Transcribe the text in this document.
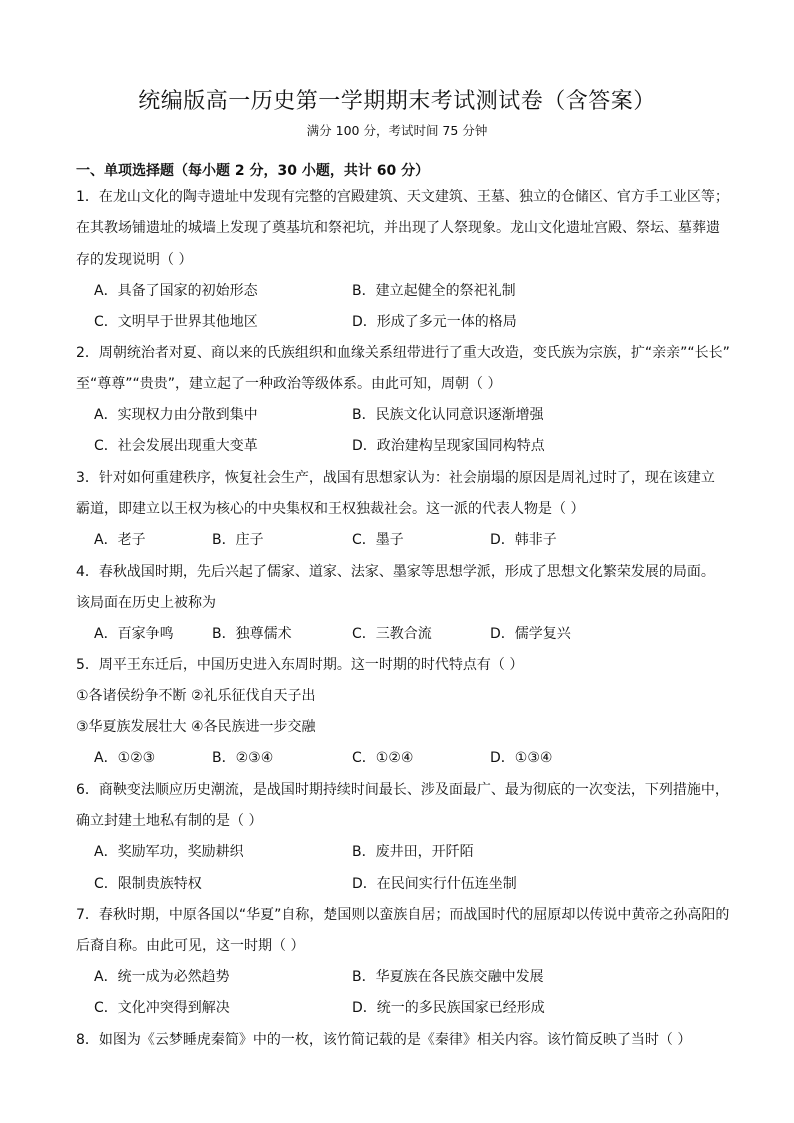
统编版高一历史第一学期期末考试测试卷（含答案）
满分 100 分，考试时间 75 分钟
一、单项选择题（每小题 2 分，30 小题，共计 60 分）
1．在龙山文化的陶寺遗址中发现有完整的宫殿建筑、天文建筑、王墓、独立的仓储区、官方手工业区等；
在其教场铺遗址的城墙上发现了奠基坑和祭祀坑，并出现了人祭现象。龙山文化遗址宫殿、祭坛、墓葬遗
存的发现说明（ ）
A．具备了国家的初始形态	B．建立起健全的祭祀礼制
C．文明早于世界其他地区	D．形成了多元一体的格局
2．周朝统治者对夏、商以来的氏族组织和血缘关系纽带进行了重大改造，变氏族为宗族，扩“亲亲”“长长”
至“尊尊”“贵贵”，建立起了一种政治等级体系。由此可知，周朝（ ）
A．实现权力由分散到集中	B．民族文化认同意识逐渐增强
C．社会发展出现重大变革	D．政治建构呈现家国同构特点
3．针对如何重建秩序，恢复社会生产，战国有思想家认为：社会崩塌的原因是周礼过时了，现在该建立
霸道，即建立以王权为核心的中央集权和王权独裁社会。这一派的代表人物是（ ）
A．老子	B．庄子	C．墨子	D．韩非子
4．春秋战国时期，先后兴起了儒家、道家、法家、墨家等思想学派，形成了思想文化繁荣发展的局面。
该局面在历史上被称为
A．百家争鸣	B．独尊儒术	C．三教合流	D．儒学复兴
5．周平王东迁后，中国历史进入东周时期。这一时期的时代特点有（ ）
①各诸侯纷争不断 ②礼乐征伐自天子出
③华夏族发展壮大 ④各民族进一步交融
A．①②③	B．②③④	C．①②④	D．①③④
6．商鞅变法顺应历史潮流，是战国时期持续时间最长、涉及面最广、最为彻底的一次变法，下列措施中，
确立封建土地私有制的是（ ）
A．奖励军功，奖励耕织	B．废井田，开阡陌
C．限制贵族特权	D．在民间实行什伍连坐制
7．春秋时期，中原各国以“华夏”自称，楚国则以蛮族自居；而战国时代的屈原却以传说中黄帝之孙高阳的
后裔自称。由此可见，这一时期（ ）
A．统一成为必然趋势	B．华夏族在各民族交融中发展
C．文化冲突得到解决	D．统一的多民族国家已经形成
8．如图为《云梦睡虎秦简》中的一枚，该竹简记载的是《秦律》相关内容。该竹简反映了当时（ ）
